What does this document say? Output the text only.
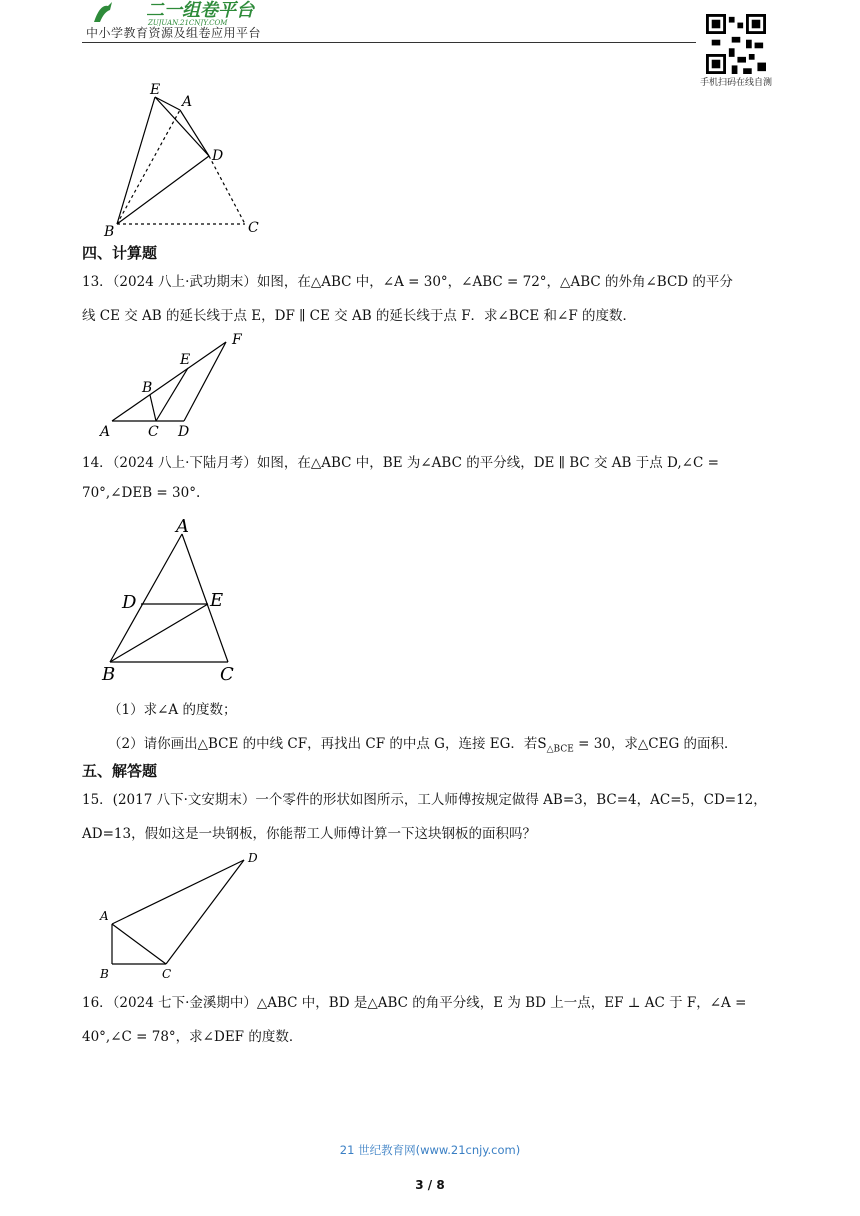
二一组卷平台
ZUJUAN.21CNJY.COM
中小学教育资源及组卷应用平台
手机扫码在线自测
E
A
D
B	C
四、计算题
13．（2024 八上·武功期末）如图，在△ABC 中，∠A = 30°，∠ABC = 72°，△ABC 的外角∠BCD 的平分
线 CE 交 AB 的延长线于点 E，DF ∥ CE 交 AB 的延长线于点 F．求∠BCE 和∠F 的度数．
F
E
B
A	C D
14．（2024 八上·下陆月考）如图，在△ABC 中，BE 为∠ABC 的平分线，DE ∥ BC 交 AB 于点 D,∠C =
70°,∠DEB = 30°.
A
D	E
B	C
（1）求∠A 的度数；
（2）请你画出△BCE 的中线 CF，再找出 CF 的中点 G，连接 EG．若$S_{\triangle BCE} = 30$，求△CEG 的面积．
五、解答题
15．(2017 八下·文安期末）一个零件的形状如图所示，工人师傅按规定做得 AB=3，BC=4，AC=5，CD=12，
AD=13，假如这是一块钢板，你能帮工人师傅计算一下这块钢板的面积吗？
D
A
B	C
16．（2024 七下·金溪期中）△ABC 中，BD 是△ABC 的角平分线，E 为 BD 上一点，EF ⊥ AC 于 F，∠A =
40°,∠C = 78°，求∠DEF 的度数．
21 世纪教育网(www.21cnjy.com)
3 / 8
